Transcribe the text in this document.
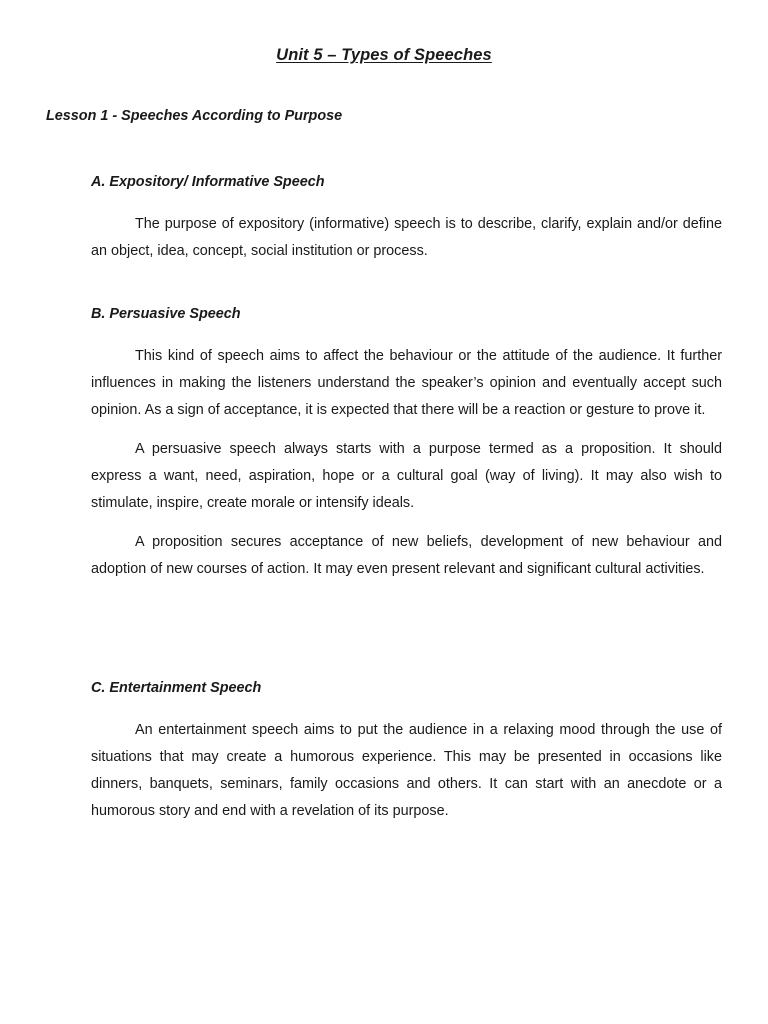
Unit 5 – Types of Speeches
Lesson 1 - Speeches According to Purpose

A. Expository/ Informative Speech

The purpose of expository (informative) speech is to describe, clarify, explain and/or define an object, idea, concept, social institution or process.

B. Persuasive Speech

This kind of speech aims to affect the behaviour or the attitude of the audience. It further influences in making the listeners understand the speaker’s opinion and eventually accept such opinion. As a sign of acceptance, it is expected that there will be a reaction or gesture to prove it.

A persuasive speech always starts with a purpose termed as a proposition. It should express a want, need, aspiration, hope or a cultural goal (way of living). It may also wish to stimulate, inspire, create morale or intensify ideals.

A proposition secures acceptance of new beliefs, development of new behaviour and adoption of new courses of action. It may even present relevant and significant cultural activities.

C. Entertainment Speech

An entertainment speech aims to put the audience in a relaxing mood through the use of situations that may create a humorous experience. This may be presented in occasions like dinners, banquets, seminars, family occasions and others. It can start with an anecdote or a humorous story and end with a revelation of its purpose.
